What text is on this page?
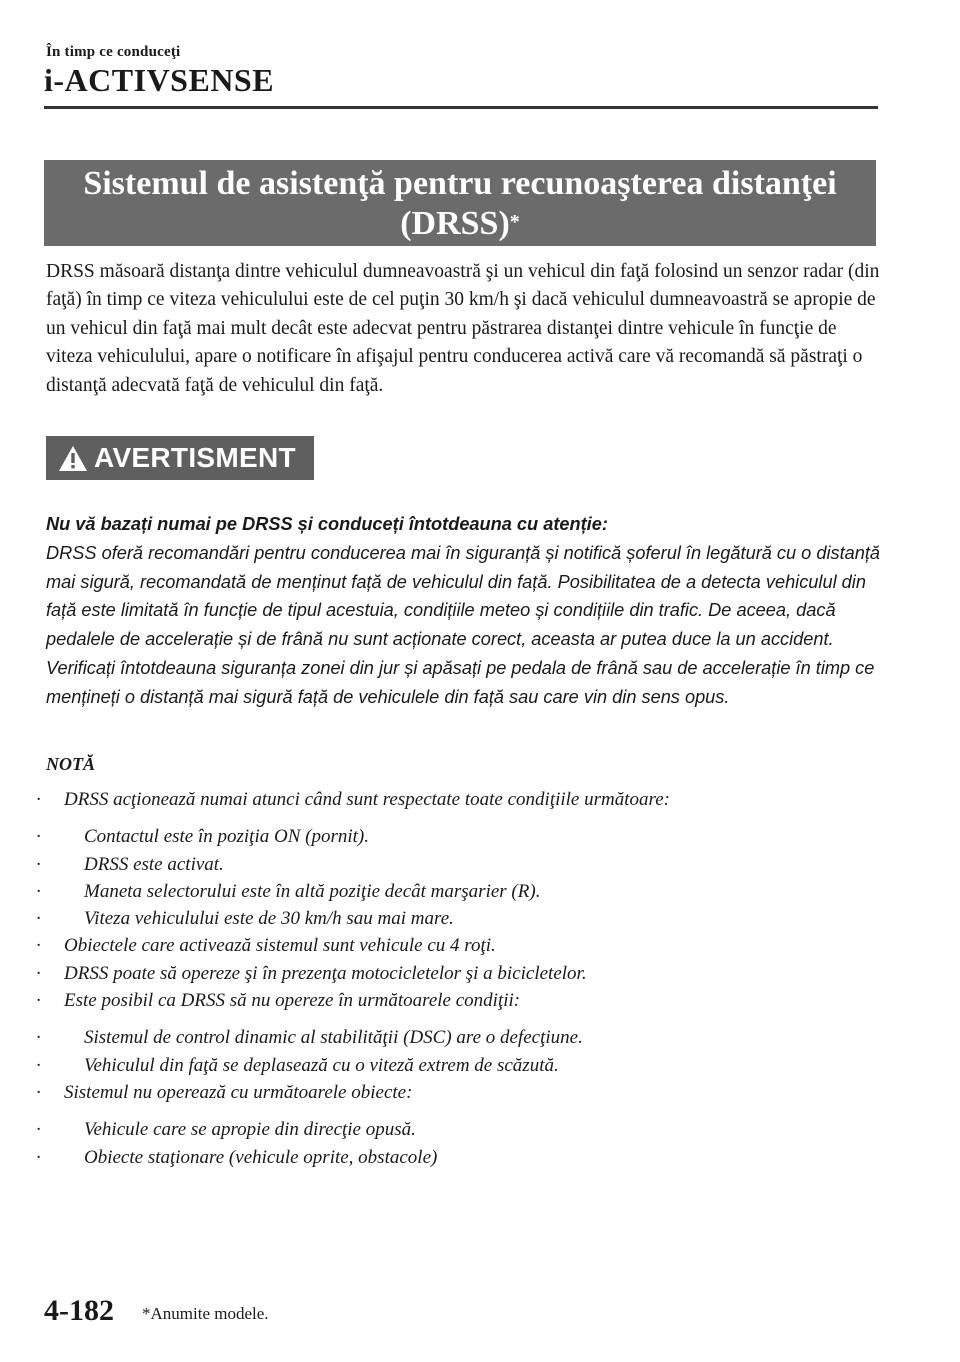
În timp ce conduceţi
i-ACTIVSENSE
Sistemul de asistenţă pentru recunoaşterea distanţei
(DRSS)*

DRSS măsoară distanţa dintre vehiculul dumneavoastră şi un vehicul din faţă folosind un senzor radar (din faţă) în timp ce viteza vehiculului este de cel puţin 30 km/h şi dacă vehiculul dumneavoastră se apropie de un vehicul din faţă mai mult decât este adecvat pentru păstrarea distanţei dintre vehicule în funcţie de viteza vehiculului, apare o notificare în afişajul pentru conducerea activă care vă recomandă să păstraţi o distanţă adecvată faţă de vehiculul din faţă.

AVERTISMENT
Nu vă bazați numai pe DRSS și conduceți întotdeauna cu atenție:
DRSS oferă recomandări pentru conducerea mai în siguranță și notifică șoferul în legătură cu o distanță mai sigură, recomandată de menținut față de vehiculul din față. Posibilitatea de a detecta vehiculul din față este limitată în funcție de tipul acestuia, condițiile meteo și condițiile din trafic. De aceea, dacă pedalele de accelerație și de frână nu sunt acționate corect, aceasta ar putea duce la un accident. Verificați întotdeauna siguranța zonei din jur și apăsați pe pedala de frână sau de accelerație în timp ce mențineți o distanță mai sigură față de vehiculele din față sau care vin din sens opus.
NOTĂ
· DRSS acţionează numai atunci când sunt respectate toate condiţiile următoare:
· Contactul este în poziţia ON (pornit).
· DRSS este activat.
· Maneta selectorului este în altă poziţie decât marşarier (R).
· Viteza vehiculului este de 30 km/h sau mai mare.
· Obiectele care activează sistemul sunt vehicule cu 4 roţi.
· DRSS poate să opereze şi în prezenţa motocicletelor şi a bicicletelor.
· Este posibil ca DRSS să nu opereze în următoarele condiţii:
· Sistemul de control dinamic al stabilităţii (DSC) are o defecţiune.
· Vehiculul din faţă se deplasează cu o viteză extrem de scăzută.
· Sistemul nu operează cu următoarele obiecte:
· Vehicule care se apropie din direcţie opusă.
· Obiecte staţionare (vehicule oprite, obstacole)
4-182 *Anumite modele.
